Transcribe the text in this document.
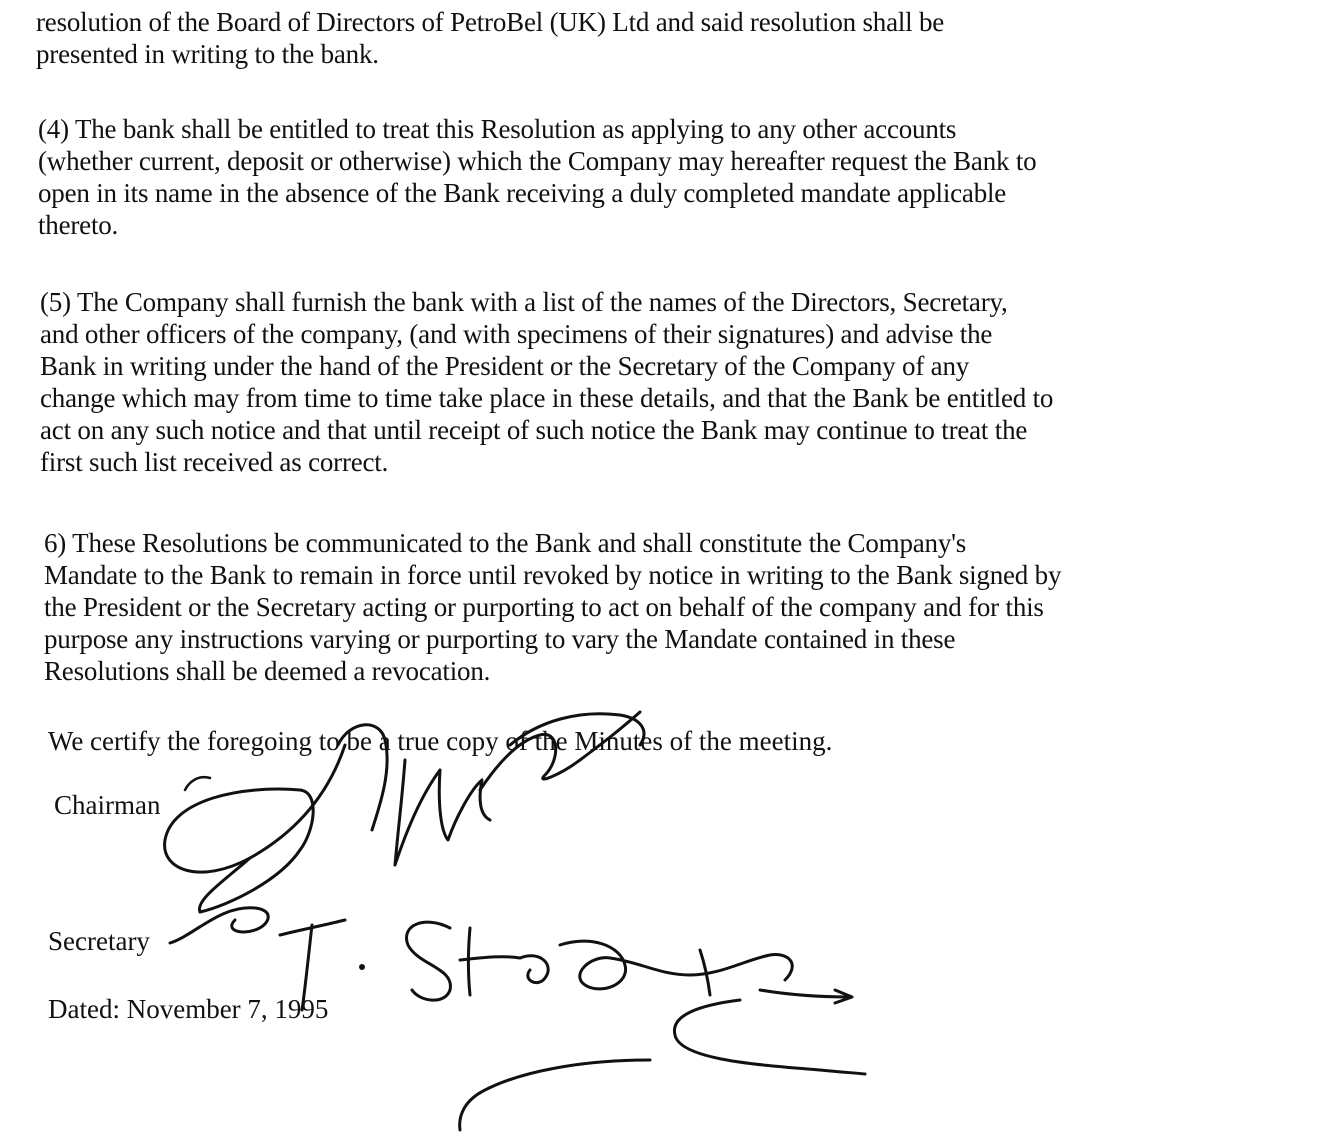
resolution of the Board of Directors of PetroBel (UK) Ltd and said resolution shall be
presented in writing to the bank.
(4) The bank shall be entitled to treat this Resolution as applying to any other accounts
(whether current, deposit or otherwise) which the Company may hereafter request the Bank to
open in its name in the absence of the Bank receiving a duly completed mandate applicable
thereto.
(5) The Company shall furnish the bank with a list of the names of the Directors, Secretary,
and other officers of the company, (and with specimens of their signatures) and advise the
Bank in writing under the hand of the President or the Secretary of the Company of any
change which may from time to time take place in these details, and that the Bank be entitled to
act on any such notice and that until receipt of such notice the Bank may continue to treat the
first such list received as correct.
6) These Resolutions be communicated to the Bank and shall constitute the Company's
Mandate to the Bank to remain in force until revoked by notice in writing to the Bank signed by
the President or the Secretary acting or purporting to act on behalf of the company and for this
purpose any instructions varying or purporting to vary the Mandate contained in these
Resolutions shall be deemed a revocation.
We certify the foregoing to be a true copy of the Minutes of the meeting.
Chairman
Secretary
Dated: November 7, 1995
